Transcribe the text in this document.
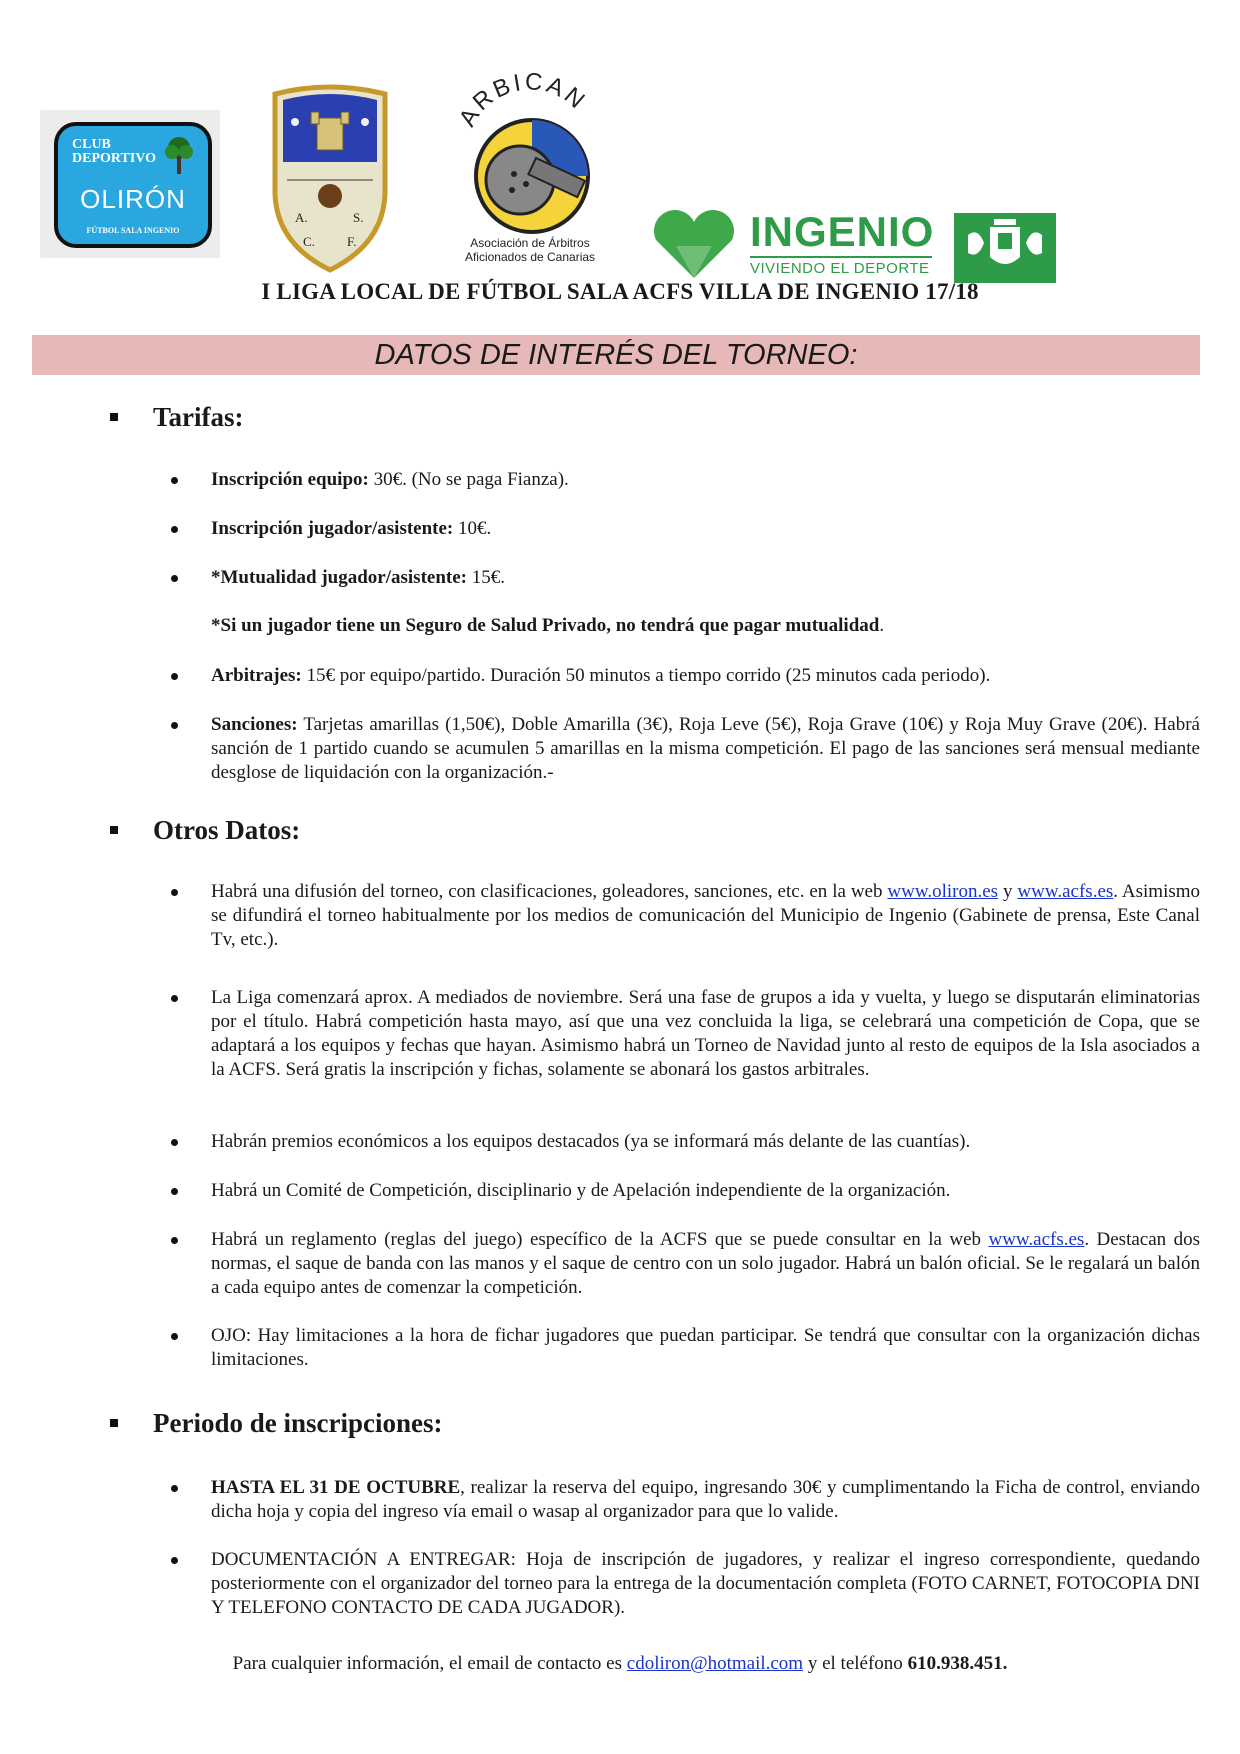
CLUB DEPORTIVO
OLIRÓN
FÚTBOL SALA INGENIO
A.	S.
C. F.
ARBICAN
Asociación de Árbitros
Aficionados de Canarias
INGENIO
VIVIENDO EL DEPORTE
I LIGA LOCAL DE FÚTBOL SALA ACFS VILLA DE INGENIO 17/18
DATOS DE INTERÉS DEL TORNEO:
Tarifas:
Inscripción equipo: 30€. (No se paga Fianza).
Inscripción jugador/asistente: 10€.
*Mutualidad jugador/asistente: 15€.
*Si un jugador tiene un Seguro de Salud Privado, no tendrá que pagar mutualidad.
Arbitrajes: 15€ por equipo/partido. Duración 50 minutos a tiempo corrido (25 minutos cada periodo).
Sanciones: Tarjetas amarillas (1,50€), Doble Amarilla (3€), Roja Leve (5€), Roja Grave (10€) y Roja Muy Grave (20€). Habrá sanción de 1 partido cuando se acumulen 5 amarillas en la misma competición. El pago de las sanciones será mensual mediante desglose de liquidación con la organización.-
Otros Datos:
Habrá una difusión del torneo, con clasificaciones, goleadores, sanciones, etc. en la web www.oliron.es y www.acfs.es. Asimismo se difundirá el torneo habitualmente por los medios de comunicación del Municipio de Ingenio (Gabinete de prensa, Este Canal Tv, etc.).
La Liga comenzará aprox. A mediados de noviembre. Será una fase de grupos a ida y vuelta, y luego se disputarán eliminatorias por el título. Habrá competición hasta mayo, así que una vez concluida la liga, se celebrará una competición de Copa, que se adaptará a los equipos y fechas que hayan. Asimismo habrá un Torneo de Navidad junto al resto de equipos de la Isla asociados a la ACFS. Será gratis la inscripción y fichas, solamente se abonará los gastos arbitrales.
Habrán premios económicos a los equipos destacados (ya se informará más delante de las cuantías).
Habrá un Comité de Competición, disciplinario y de Apelación independiente de la organización.
Habrá un reglamento (reglas del juego) específico de la ACFS que se puede consultar en la web www.acfs.es. Destacan dos normas, el saque de banda con las manos y el saque de centro con un solo jugador. Habrá un balón oficial. Se le regalará un balón a cada equipo antes de comenzar la competición.
OJO: Hay limitaciones a la hora de fichar jugadores que puedan participar. Se tendrá que consultar con la organización dichas limitaciones.
Periodo de inscripciones:
HASTA EL 31 DE OCTUBRE, realizar la reserva del equipo, ingresando 30€ y cumplimentando la Ficha de control, enviando dicha hoja y copia del ingreso vía email o wasap al organizador para que lo valide.
DOCUMENTACIÓN A ENTREGAR: Hoja de inscripción de jugadores, y realizar el ingreso correspondiente, quedando posteriormente con el organizador del torneo para la entrega de la documentación completa (FOTO CARNET, FOTOCOPIA DNI Y TELEFONO CONTACTO DE CADA JUGADOR).
Para cualquier información, el email de contacto es cdoliron@hotmail.com y el teléfono 610.938.451.
